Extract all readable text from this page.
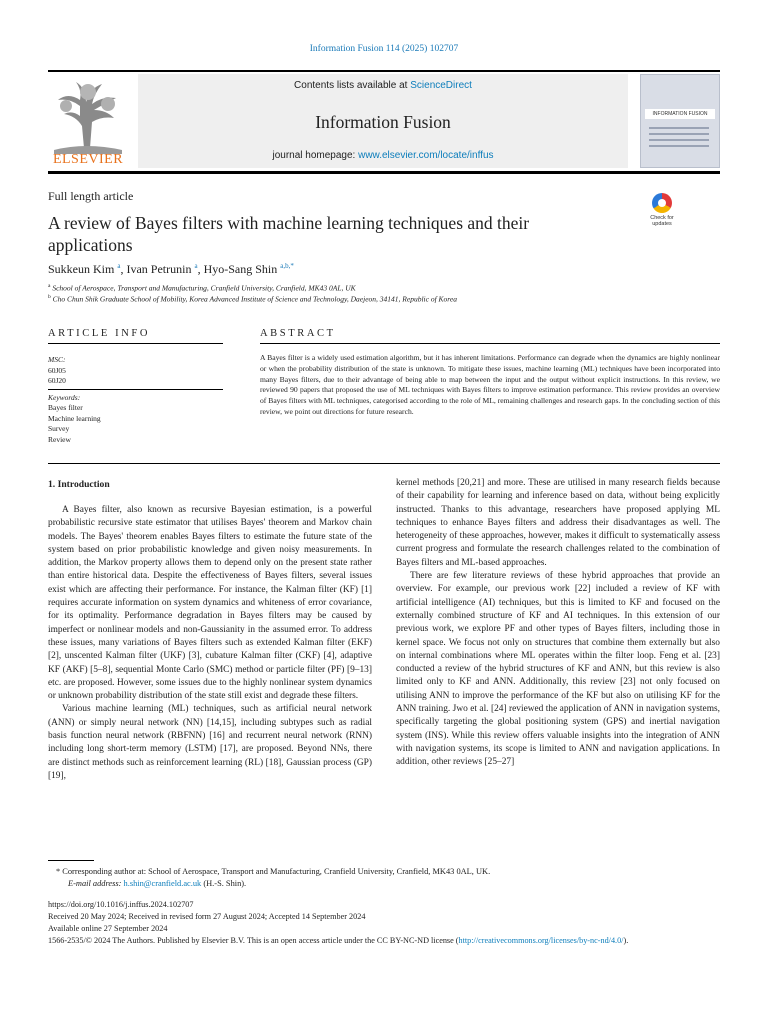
Information Fusion 114 (2025) 102707
ELSEVIER
Contents lists available at ScienceDirect
Information Fusion
journal homepage: www.elsevier.com/locate/inffus
INFORMATION FUSION
Full length article
A review of Bayes filters with machine learning techniques and their
applications
Check for updates
Sukkeun Kim $^a$, Ivan Petrunin $^a$, Hyo-Sang Shin $^{a,b,*}$
$^a$ School of Aerospace, Transport and Manufacturing, Cranfield University, Cranfield, MK43 0AL, UK
$^b$ Cho Chun Shik Graduate School of Mobility, Korea Advanced Institute of Science and Technology, Daejeon, 34141, Republic of Korea
ARTICLE INFO	ABSTRACT
MSC:
60J05
60J20
Keywords:
Bayes filter
Machine learning
Survey
Review
A Bayes filter is a widely used estimation algorithm, but it has inherent limitations. Performance can degrade when the dynamics are highly nonlinear or when the probability distribution of the state is unknown. To mitigate these issues, machine learning (ML) techniques have been incorporated into many Bayes filters, due to their advantage of being able to map between the input and the output without explicit instructions. In this review, we reviewed 90 papers that proposed the use of ML techniques with Bayes filters to improve estimation performance. This review provides an overview of Bayes filters with ML techniques, categorised according to the role of ML, remaining challenges and research gaps. In the concluding section of this review, we point out directions for future research.
1. Introduction

A Bayes filter, also known as recursive Bayesian estimation, is a powerful probabilistic recursive state estimator that utilises Bayes' theorem and Markov chain models. The Bayes' theorem enables Bayes filters to estimate the future state of the system based on prior probabilistic knowledge and given noisy measurements. In addition, the Markov property allows them to depend only on the present state rather than entire historical data. Despite the effectiveness of Bayes filters, several issues exist which are affecting their performance. For instance, the Kalman filter (KF) [1] requires accurate information on system dynamics and whiteness of error covariance, for its optimality. Performance degradation in Bayes filters may be caused by imperfect or nonlinear models and non-Gaussianity in the assumed error. To address these issues, many variations of Bayes filters such as extended Kalman filter (EKF) [2], unscented Kalman filter (UKF) [3], cubature Kalman filter (CKF) [4], adaptive KF (AKF) [5–8], sequential Monte Carlo (SMC) method or particle filter (PF) [9–13] etc. are proposed. However, some issues due to the highly nonlinear system dynamics or unknown probability distribution of the state still exist and degrade these filters.

Various machine learning (ML) techniques, such as artificial neural network (ANN) or simply neural network (NN) [14,15], including subtypes such as radial basis function neural network (RBFNN) [16] and recurrent neural network (RNN) including long short-term memory (LSTM) [17], are proposed. Beyond NNs, there are distinct methods such as reinforcement learning (RL) [18], Gaussian process (GP) [19],

kernel methods [20,21] and more. These are utilised in many research fields because of their capability for learning and inference based on data, without being explicitly instructed. Thanks to this advantage, researchers have proposed applying ML techniques to enhance Bayes filters and address their disadvantages as well. The heterogeneity of these approaches, however, makes it difficult to systematically assess current progress and formulate the research challenges related to the combination of Bayes filters and ML-based approaches.

There are few literature reviews of these hybrid approaches that provide an overview. For example, our previous work [22] included a review of KF with artificial intelligence (AI) techniques, but this is limited to KF and focused on the externally combined structure of KF and AI techniques. In this extension of our previous work, we explore PF and other types of Bayes filters, including those in kernel space. We focus not only on structures that combine them externally but also on internal combinations where ML operates within the filter loop. Feng et al. [23] conducted a review of the hybrid structures of KF and ANN, but this review is also limited only to KF and ANN. Additionally, this review [23] not only focused on utilising ANN to improve the performance of the KF but also on utilising KF for the ANN training. Jwo et al. [24] reviewed the application of ANN in navigation systems, specifically targeting the global positioning system (GPS) and inertial navigation system (INS). While this review offers valuable insights into the integration of ANN with navigation systems, its scope is limited to ANN and navigation applications. In addition, other reviews [25–27]

* Corresponding author at: School of Aerospace, Transport and Manufacturing, Cranfield University, Cranfield, MK43 0AL, UK.
E-mail address: h.shin@cranfield.ac.uk (H.-S. Shin).
https://doi.org/10.1016/j.inffus.2024.102707
Received 20 May 2024; Received in revised form 27 August 2024; Accepted 14 September 2024
Available online 27 September 2024
1566-2535/© 2024 The Authors. Published by Elsevier B.V. This is an open access article under the CC BY-NC-ND license (http://creativecommons.org/licenses/by-nc-nd/4.0/).
